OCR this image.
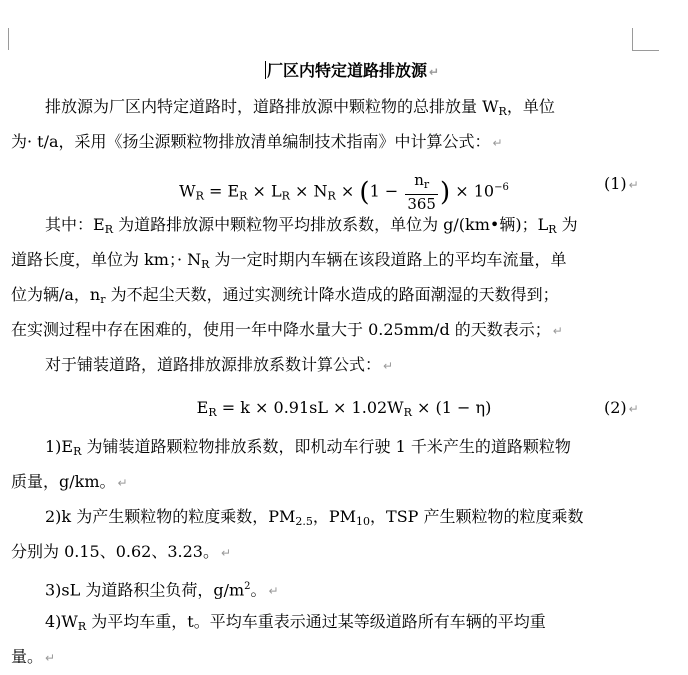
厂区内特定道路排放源 ↵
排放源为厂区内特定道路时，道路排放源中颗粒物的总排放量 $W_R$，单位
为· t/a，采用《扬尘源颗粒物排放清单编制技术指南》中计算公式： ↵
$W_R = E_R \times L_R \times N_R \times (1 - \frac{n_r}{365}$ ) × $10^{-6}$	(1) ↵
其中：$E_R$ 为道路排放源中颗粒物平均排放系数，单位为 g/(km•辆)；$L_R$ 为
道路长度，单位为 km；· $N_R$ 为一定时期内车辆在该段道路上的平均车流量，单
位为辆/a，$n_r$ 为不起尘天数，通过实测统计降水造成的路面潮湿的天数得到；
在实测过程中存在困难的，使用一年中降水量大于 0.25mm/d 的天数表示； ↵
对于铺装道路，道路排放源排放系数计算公式： ↵
$E_R = k \times 0.91sL \times 1.02W_R \times (1 - \eta)$	(2) ↵
$1)E_R$ 为铺装道路颗粒物排放系数，即机动车行驶 1 千米产生的道路颗粒物
质量，g/km。 ↵
2)k 为产生颗粒物的粒度乘数，$PM_{2.5}$，$PM_{10}$，TSP 产生颗粒物的粒度乘数
分别为 0.15、0.62、3.23。 ↵
3)sL 为道路积尘负荷，$g/m^2$。 ↵
$4)W_R$ 为平均车重，t。平均车重表示通过某等级道路所有车辆的平均重
量。 ↵
